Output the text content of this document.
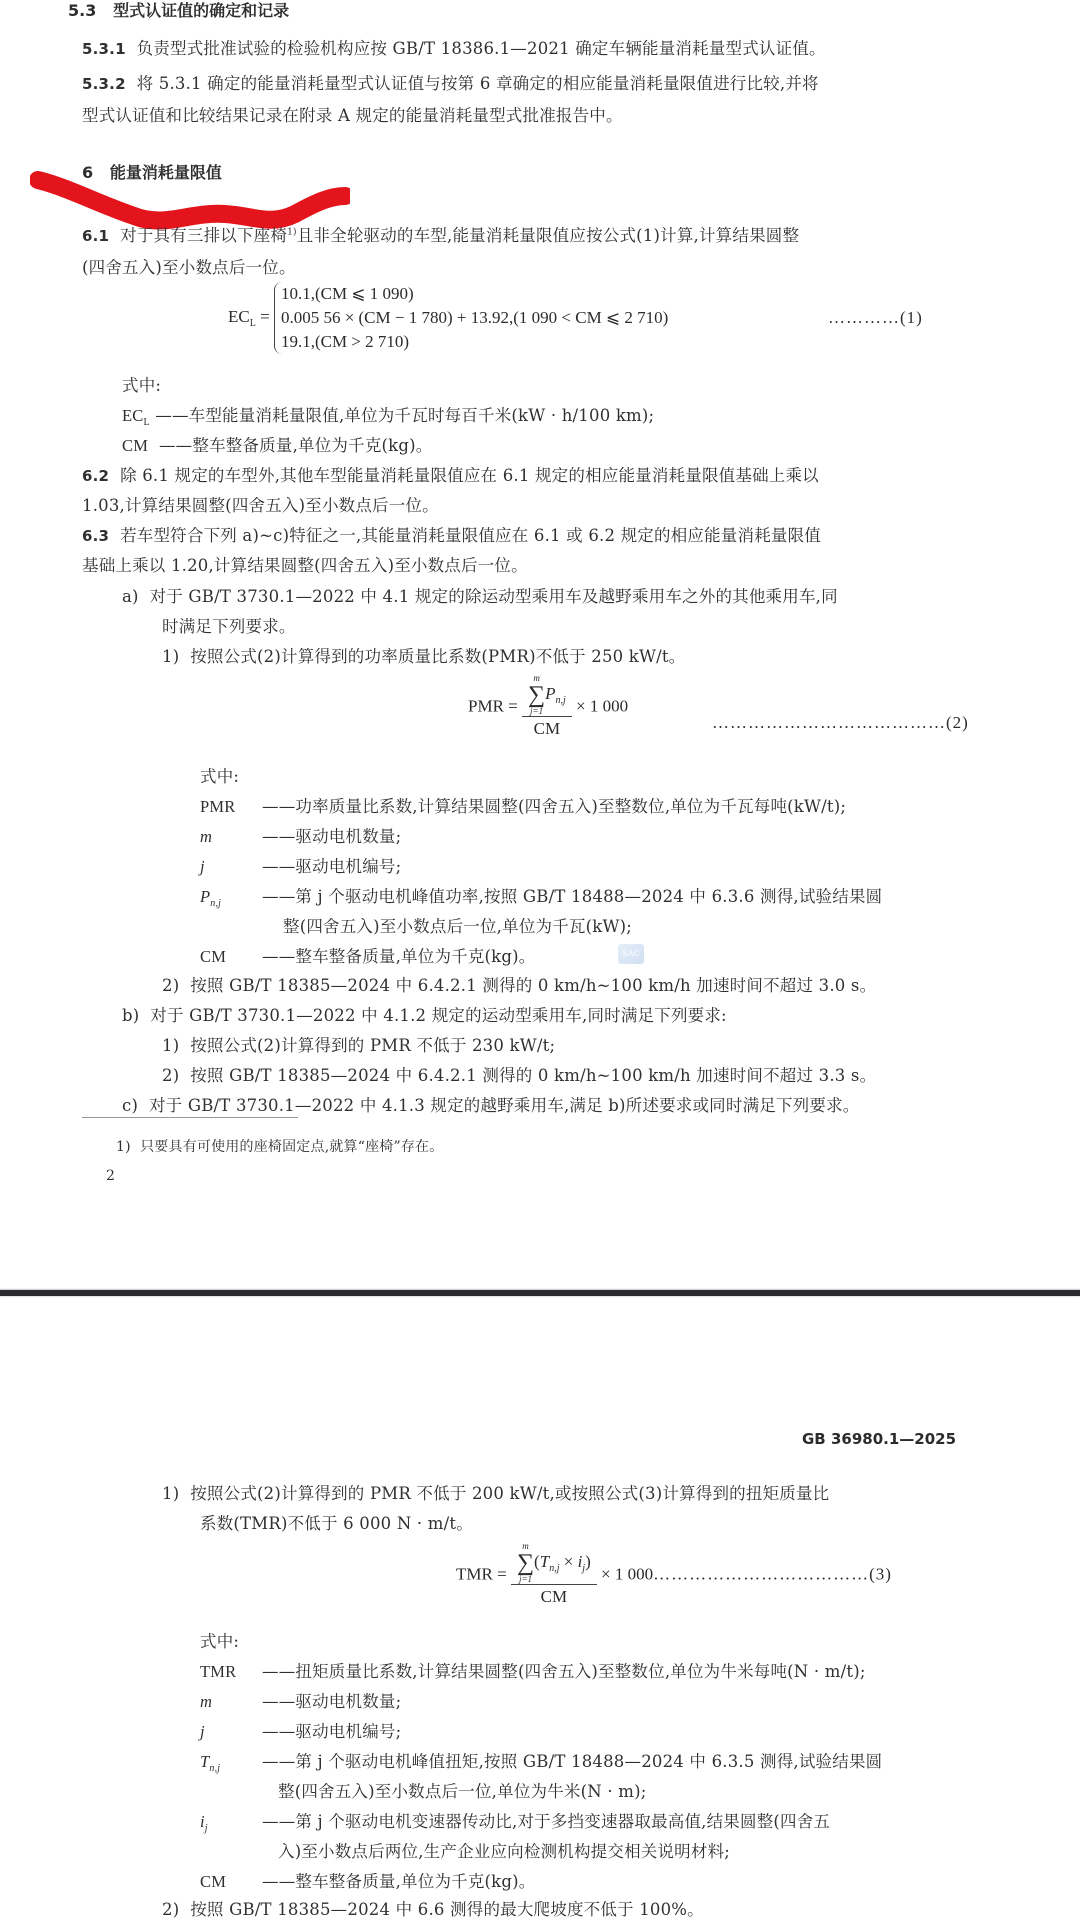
5.3 型式认证值的确定和记录
5.3.1 负责型式批准试验的检验机构应按 GB/T 18386.1—2021 确定车辆能量消耗量型式认证值。
5.3.2 将 5.3.1 确定的能量消耗量型式认证值与按第 6 章确定的相应能量消耗量限值进行比较,并将
型式认证值和比较结果记录在附录 A 规定的能量消耗量型式批准报告中。
6 能量消耗量限值
6.1 对于具有三排以下座椅$^{1)}$且非全轮驱动的车型,能量消耗量限值应按公式(1)计算,计算结果圆整
(四舍五入)至小数点后一位。
$EC_L$ =
10.1,(CM ⩽ 1 090)
0.005 56 × (CM − 1 780) + 13.92,(1 090 < CM ⩽ 2 710)
19.1,(CM > 2 710)
…………(1)
式中:
$EC_L$ ——车型能量消耗量限值,单位为千瓦时每百千米(kW · h/100 km);
CM ——整车整备质量,单位为千克(kg)。
6.2 除 6.1 规定的车型外,其他车型能量消耗量限值应在 6.1 规定的相应能量消耗量限值基础上乘以
1.03,计算结果圆整(四舍五入)至小数点后一位。
6.3 若车型符合下列 a)~c)特征之一,其能量消耗量限值应在 6.1 或 6.2 规定的相应能量消耗量限值
基础上乘以 1.20,计算结果圆整(四舍五入)至小数点后一位。
a) 对于 GB/T 3730.1—2022 中 4.1 规定的除运动型乘用车及越野乘用车之外的其他乘用车,同
时满足下列要求。
1) 按照公式(2)计算得到的功率质量比系数(PMR)不低于 250 kW/t。
PMR = m
∑
j=1
$P_{n,j}$
CM × 1 000
…………………………………(2)
式中:
PMR ——功率质量比系数,计算结果圆整(四舍五入)至整数位,单位为千瓦每吨(kW/t);
m	——驱动电机数量;
j	——驱动电机编号;
$P_{n,j}$ ——第 j 个驱动电机峰值功率,按照 GB/T 18488—2024 中 6.3.6 测得,试验结果圆
整(四舍五入)至小数点后一位,单位为千瓦(kW);
CM ——整车整备质量,单位为千克(kg)。	SAC
2) 按照 GB/T 18385—2024 中 6.4.2.1 测得的 0 km/h~100 km/h 加速时间不超过 3.0 s。
b) 对于 GB/T 3730.1—2022 中 4.1.2 规定的运动型乘用车,同时满足下列要求:
1) 按照公式(2)计算得到的 PMR 不低于 230 kW/t;
2) 按照 GB/T 18385—2024 中 6.4.2.1 测得的 0 km/h~100 km/h 加速时间不超过 3.3 s。
c) 对于 GB/T 3730.1—2022 中 4.1.3 规定的越野乘用车,满足 b)所述要求或同时满足下列要求。
1) 只要具有可使用的座椅固定点,就算“座椅”存在。
2
GB 36980.1—2025
1) 按照公式(2)计算得到的 PMR 不低于 200 kW/t,或按照公式(3)计算得到的扭矩质量比
系数(TMR)不低于 6 000 N · m/t。
TMR = m
∑
j=1
$(T_{n,j} \times i_j)$
CM × 1 000………………………………(3)
式中:
TMR ——扭矩质量比系数,计算结果圆整(四舍五入)至整数位,单位为牛米每吨(N · m/t);
m	——驱动电机数量;
j	——驱动电机编号;
$T_{n,j}$	——第 j 个驱动电机峰值扭矩,按照 GB/T 18488—2024 中 6.3.5 测得,试验结果圆
整(四舍五入)至小数点后一位,单位为牛米(N · m);
$i_j$	——第 j 个驱动电机变速器传动比,对于多挡变速器取最高值,结果圆整(四舍五
入)至小数点后两位,生产企业应向检测机构提交相关说明材料;
CM ——整车整备质量,单位为千克(kg)。
2) 按照 GB/T 18385—2024 中 6.6 测得的最大爬坡度不低于 100%。
